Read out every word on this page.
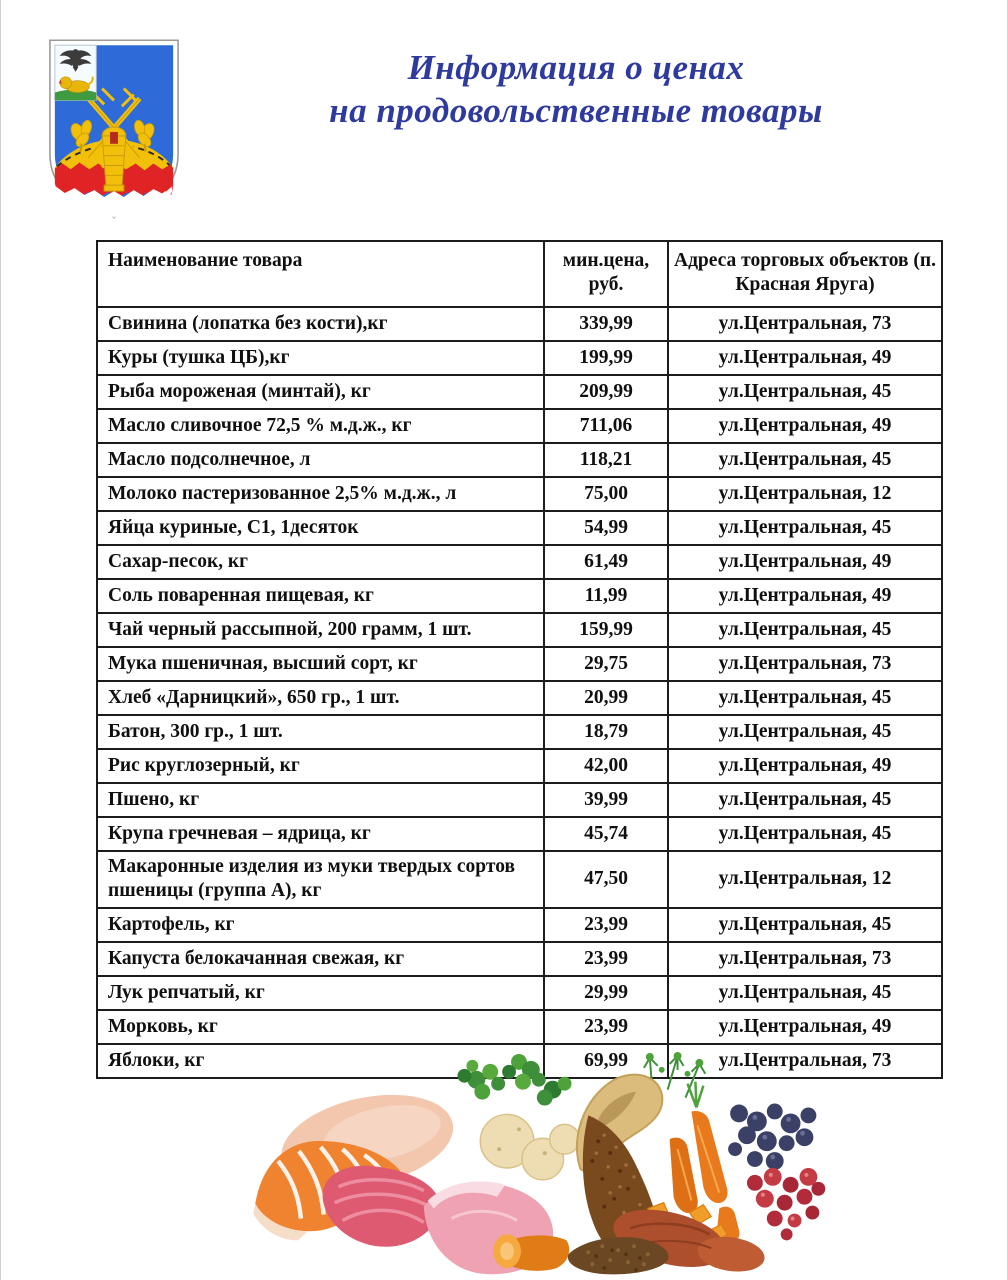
Информация о ценах
на продовольственные товары
Наименование товара	мин.цена, руб.	Адреса торговых объектов (п. Красная Яруга)
Свинина (лопатка без кости),кг	339,99	ул.Центральная, 73
Куры (тушка ЦБ),кг	199,99	ул.Центральная, 49
Рыба мороженая (минтай), кг	209,99	ул.Центральная, 45
Масло сливочное 72,5 % м.д.ж., кг	711,06	ул.Центральная, 49
Масло подсолнечное, л	118,21	ул.Центральная, 45
Молоко пастеризованное 2,5% м.д.ж., л	75,00	ул.Центральная, 12
Яйца куриные, С1, 1десяток	54,99	ул.Центральная, 45
Сахар-песок, кг	61,49	ул.Центральная, 49
Соль поваренная пищевая, кг	11,99	ул.Центральная, 49
Чай черный рассыпной, 200 грамм, 1 шт.	159,99	ул.Центральная, 45
Мука пшеничная, высший сорт, кг	29,75	ул.Центральная, 73
Хлеб «Дарницкий», 650 гр., 1 шт.	20,99	ул.Центральная, 45
Батон, 300 гр., 1 шт.	18,79	ул.Центральная, 45
Рис круглозерный, кг	42,00	ул.Центральная, 49
Пшено, кг	39,99	ул.Центральная, 45
Крупа гречневая – ядрица, кг	45,74	ул.Центральная, 45
Макаронные изделия из муки твердых сортов пшеницы (группа А), кг	47,50	ул.Центральная, 12
Картофель, кг	23,99	ул.Центральная, 45
Капуста белокачанная свежая, кг	23,99	ул.Центральная, 73
Лук репчатый, кг	29,99	ул.Центральная, 45
Морковь, кг	23,99	ул.Центральная, 49
Яблоки, кг	69,99	ул.Центральная, 73
